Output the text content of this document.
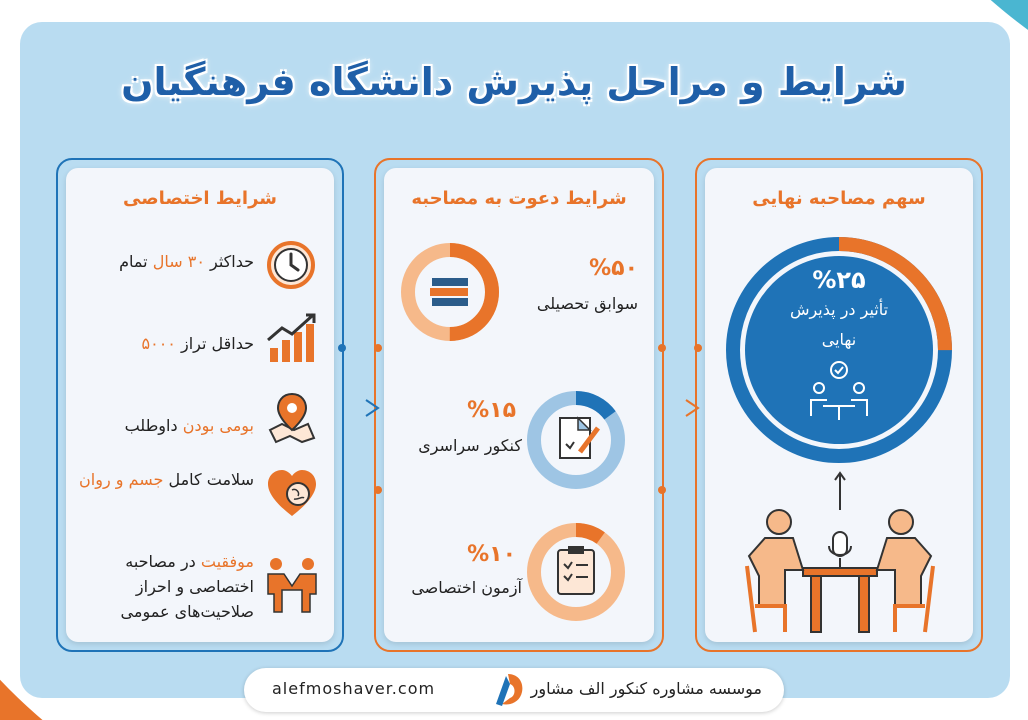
شرایط و مراحل پذیرش دانشگاه فرهنگیان
شرایط اختصاصی
حداکثر ۳۰ سال تمام
حداقل تراز ۵۰۰۰
بومی بودن داوطلب
سلامت کامل جسم و روان
موفقیت در مصاحبه اختصاصی و احراز صلاحیت‌های عمومی
شرایط دعوت به مصاحبه
%۵۰
سوابق تحصیلی
%۱۵
کنکور سراسری
%۱۰
آزمون اختصاصی
سهم مصاحبه نهایی
%۲۵
تأثیر در پذیرش
نهایی
alefmoshaver.com	موسسه مشاوره کنکور الف مشاور
